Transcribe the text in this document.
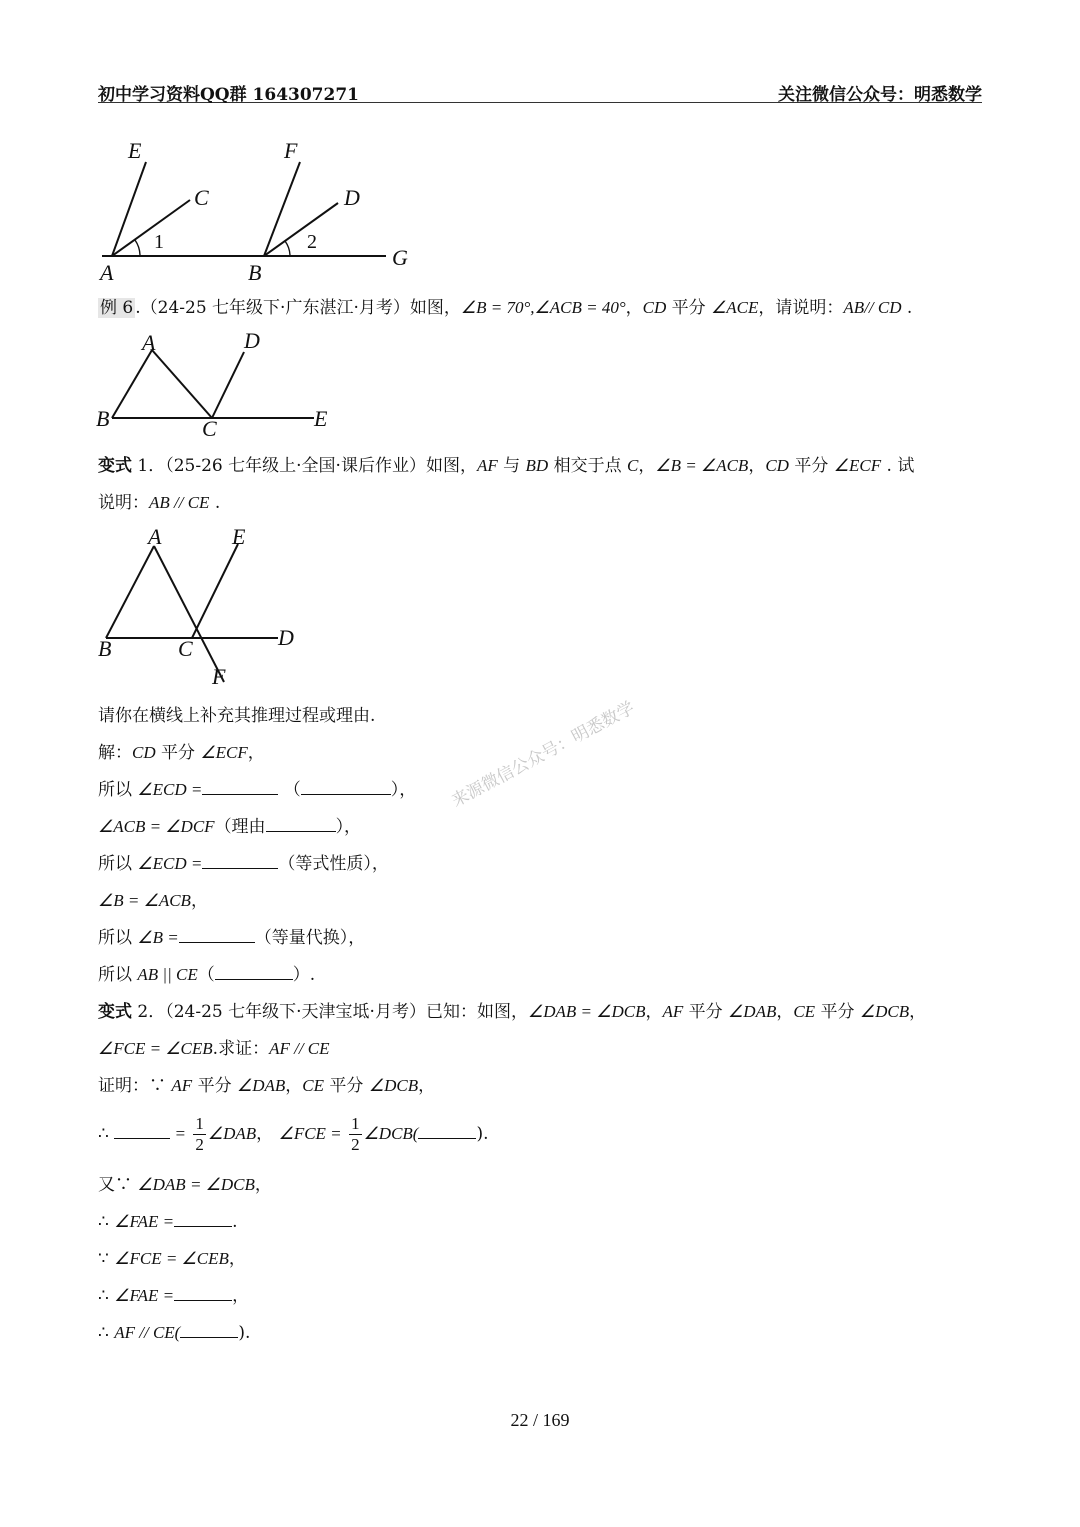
初中学习资料QQ群 164307271	关注微信公众号：明悉数学
E
C
F
D
A	B
G
1	2
例 6 .（24-25 七年级下·广东湛江·月考）如图，∠B = 70°,∠ACB = 40°，CD 平分 ∠ACE，请说明：AB// CD .
A	D
B	C	E
变式 1．（25-26 七年级上·全国·课后作业）如图，AF 与 BD 相交于点 C，∠B = ∠ACB，CD 平分 ∠ECF . 试
说明：AB // CE .
A	E
B	C	D
F
请你在横线上补充其推理过程或理由.
解：CD 平分 ∠ECF，
所以 ∠ECD =	（	），
∠ACB = ∠DCF（理由	），
所以 ∠ECD =	（等式性质），
∠B = ∠ACB，
所以 ∠B =	（等量代换），
所以 AB || CE（	）.
变式 2．（24-25 七年级下·天津宝坻·月考）已知：如图，∠DAB = ∠DCB，AF 平分 ∠DAB，CE 平分 ∠DCB，
∠FCE = ∠CEB.求证：AF // CE
证明：∵ AF 平分 ∠DAB，CE 平分 ∠DCB，
∴	= $\frac{1}{2}$ ∠DAB， ∠FCE = $\frac{1}{2}$ ∠DCB(	).
又∵ ∠DAB = ∠DCB，
∴ ∠FAE =	.
∵ ∠FCE = ∠CEB，
∴ ∠FAE =	，
∴ AF // CE(	).
来源微信公众号：明悉数学
22 / 169
